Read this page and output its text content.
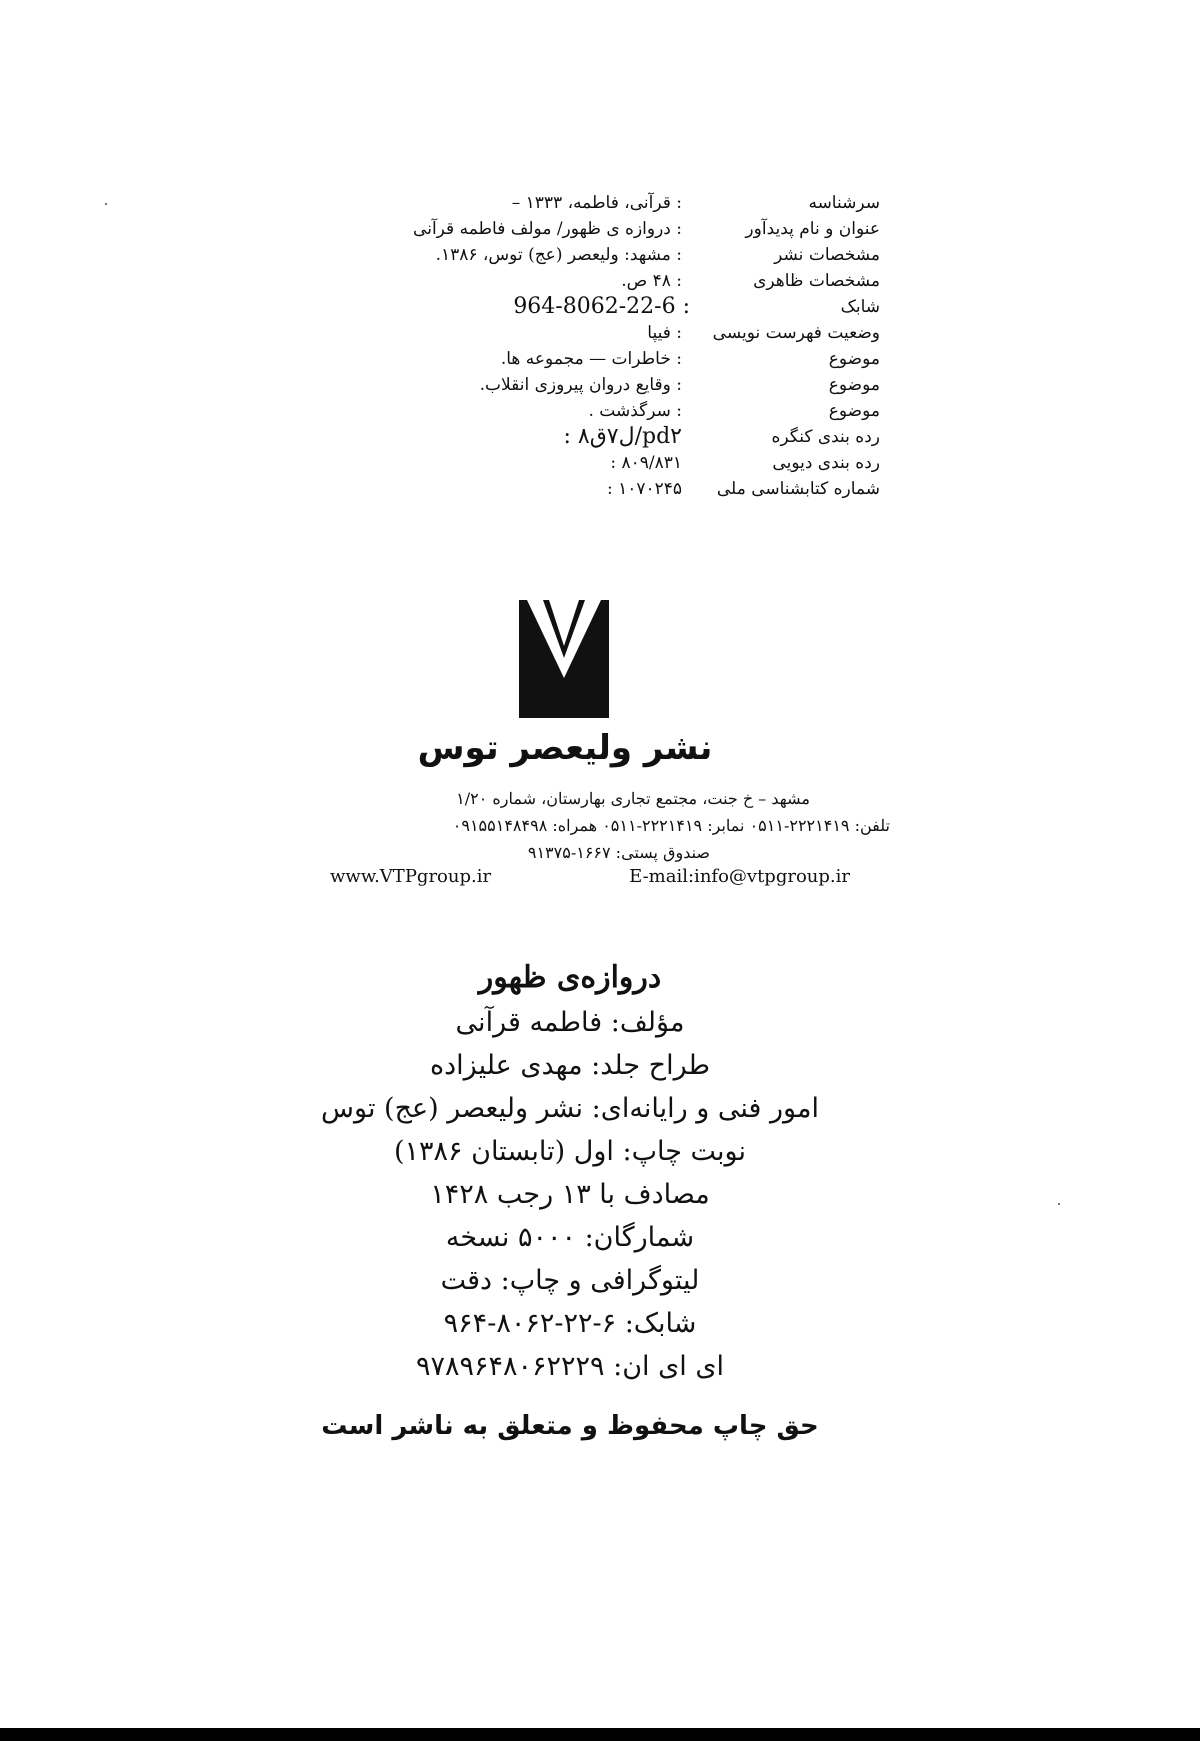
سرشناسه
: قرآنی، فاطمه، ۱۳۳۳ –
عنوان و نام پدیدآور
: دروازه ی ظهور/ مولف فاطمه قرآنی
مشخصات نشر
: مشهد: ولیعصر (عج) توس، ۱۳۸۶.
مشخصات ظاهری
: ۴۸ ص.
شابک
964-8062-22-6 :
وضعیت فهرست نویسی
: فیپا
موضوع
: خاطرات — مجموعه ها.
موضوع
: وقایع دروان پیروزی انقلاب.
موضوع
: سرگذشت .
رده بندی کنگره
pd۲/ل۷ق۸ :
رده بندی دیویی
۸۰۹/۸۳۱ :
شماره کتابشناسی ملی
۱۰۷۰۲۴۵ :
نشر ولیعصر توس
مشهد – خ جنت، مجتمع تجاری بهارستان، شماره ۱/۲۰
تلفن: ۲۲۲۱۴۱۹-۰۵۱۱ نمابر: ۲۲۲۱۴۱۹-۰۵۱۱ همراه: ۰۹۱۵۵۱۴۸۴۹۸
صندوق پستی: ۱۶۶۷-۹۱۳۷۵
www.VTPgroup.ir	E-mail:info@vtpgroup.ir
دروازه‌ی ظهور
مؤلف: فاطمه قرآنی
طراح جلد: مهدی علیزاده
امور فنی و رایانه‌ای: نشر ولیعصر (عج) توس
نوبت چاپ: اول (تابستان ۱۳۸۶)
مصادف با ۱۳ رجب ۱۴۲۸
شمارگان: ۵۰۰۰ نسخه
لیتوگرافی و چاپ: دقت
شابک: ۶-۲۲-۸۰۶۲-۹۶۴
ای ای ان: ۹۷۸۹۶۴۸۰۶۲۲۲۹
حق چاپ محفوظ و متعلق به ناشر است
